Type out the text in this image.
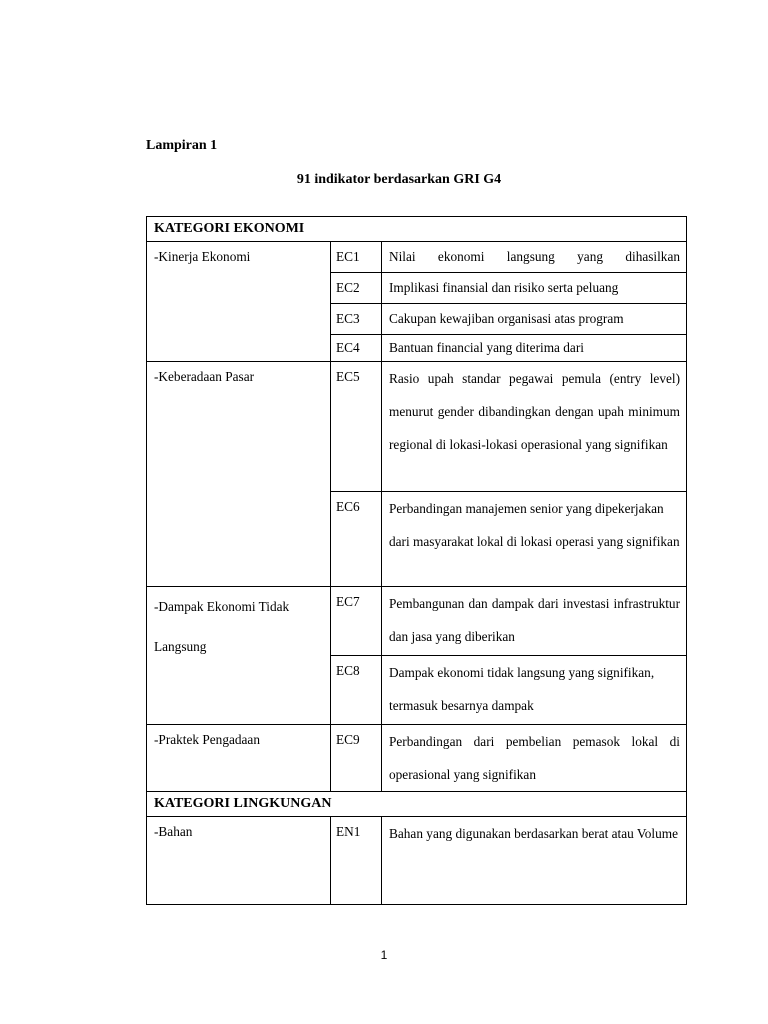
Lampiran 1
91 indikator berdasarkan GRI G4
KATEGORI EKONOMI		
-Kinerja Ekonomi	EC1	Nilai ekonomi langsung yang dihasilkan
	EC2	Implikasi finansial dan risiko serta peluang
	EC3	Cakupan kewajiban organisasi atas program
	EC4	Bantuan financial yang diterima dari
-Keberadaan Pasar	EC5	Rasio upah standar pegawai pemula (entry level) menurut gender dibandingkan dengan upah minimum regional di lokasi-lokasi operasional yang signifikan
	EC6	Perbandingan manajemen senior yang dipekerjakan dari masyarakat lokal di lokasi operasi yang signifikan
-Dampak Ekonomi Tidak Langsung	EC7	Pembangunan dan dampak dari investasi infrastruktur dan jasa yang diberikan
	EC8	Dampak ekonomi tidak langsung yang signifikan, termasuk besarnya dampak
-Praktek Pengadaan	EC9	Perbandingan dari pembelian pemasok lokal di operasional yang signifikan
KATEGORI LINGKUNGAN		
-Bahan	EN1	Bahan yang digunakan berdasarkan berat atau Volume
1
